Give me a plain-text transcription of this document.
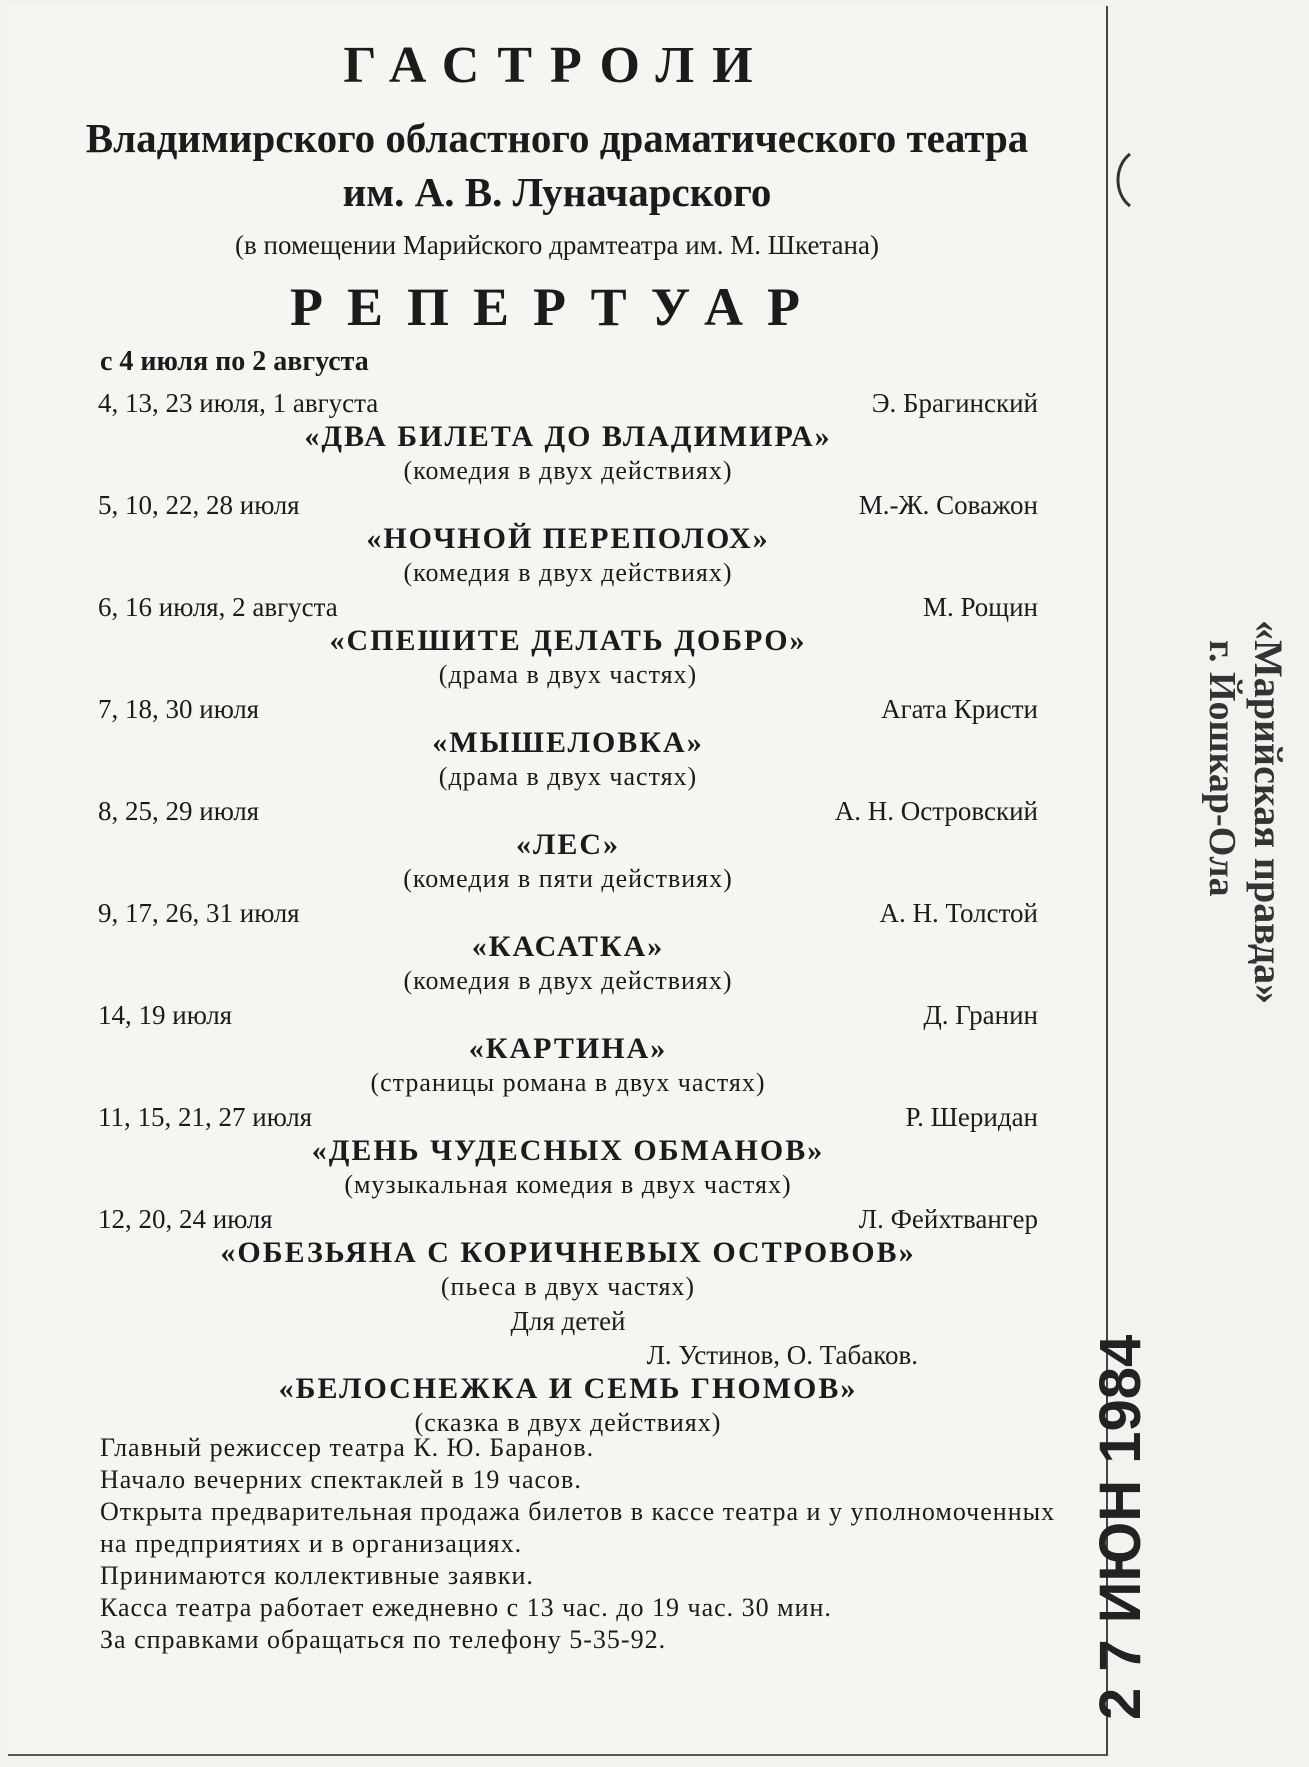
ГАСТРОЛИ
Владимирского областного драматического театра
им. А. В. Луначарского
(в помещении Марийского драмтеатра им. М. Шкетана)
РЕПЕРТУАР
с 4 июля по 2 августа
4, 13, 23 июля, 1 августа	Э. Брагинский
«ДВА БИЛЕТА ДО ВЛАДИМИРА»
(комедия в двух действиях)
5, 10, 22, 28 июля	М.-Ж. Соважон
«НОЧНОЙ ПЕРЕПОЛОХ»
(комедия в двух действиях)
6, 16 июля, 2 августа	М. Рощин
«СПЕШИТЕ ДЕЛАТЬ ДОБРО»
(драма в двух частях)
7, 18, 30 июля	Агата Кристи
«МЫШЕЛОВКА»
(драма в двух частях)
8, 25, 29 июля	А. Н. Островский
«ЛЕС»
(комедия в пяти действиях)
9, 17, 26, 31 июля	А. Н. Толстой
«КАСАТКА»
(комедия в двух действиях)
14, 19 июля	Д. Гранин
«КАРТИНА»
(страницы романа в двух частях)
11, 15, 21, 27 июля	Р. Шеридан
«ДЕНЬ ЧУДЕСНЫХ ОБМАНОВ»
(музыкальная комедия в двух частях)
12, 20, 24 июля	Л. Фейхтвангер
«ОБЕЗЬЯНА С КОРИЧНЕВЫХ ОСТРОВОВ»
(пьеса в двух частях)
Для детей
Л. Устинов, О. Табаков.
«БЕЛОСНЕЖКА И СЕМЬ ГНОМОВ»
(сказка в двух действиях)

Главный режиссер театра К. Ю. Баранов.

Начало вечерних спектаклей в 19 часов.

Открыта предварительная продажа билетов в кассе театра и у уполномоченных на предприятиях и в организациях.

Принимаются коллективные заявки.

Касса театра работает ежедневно с 13 час. до 19 час. 30 мин.

За справками обращаться по телефону 5-35-92.

«Марийская правда»
г. Йошкар-Ола
2 7 ИЮН 1984
